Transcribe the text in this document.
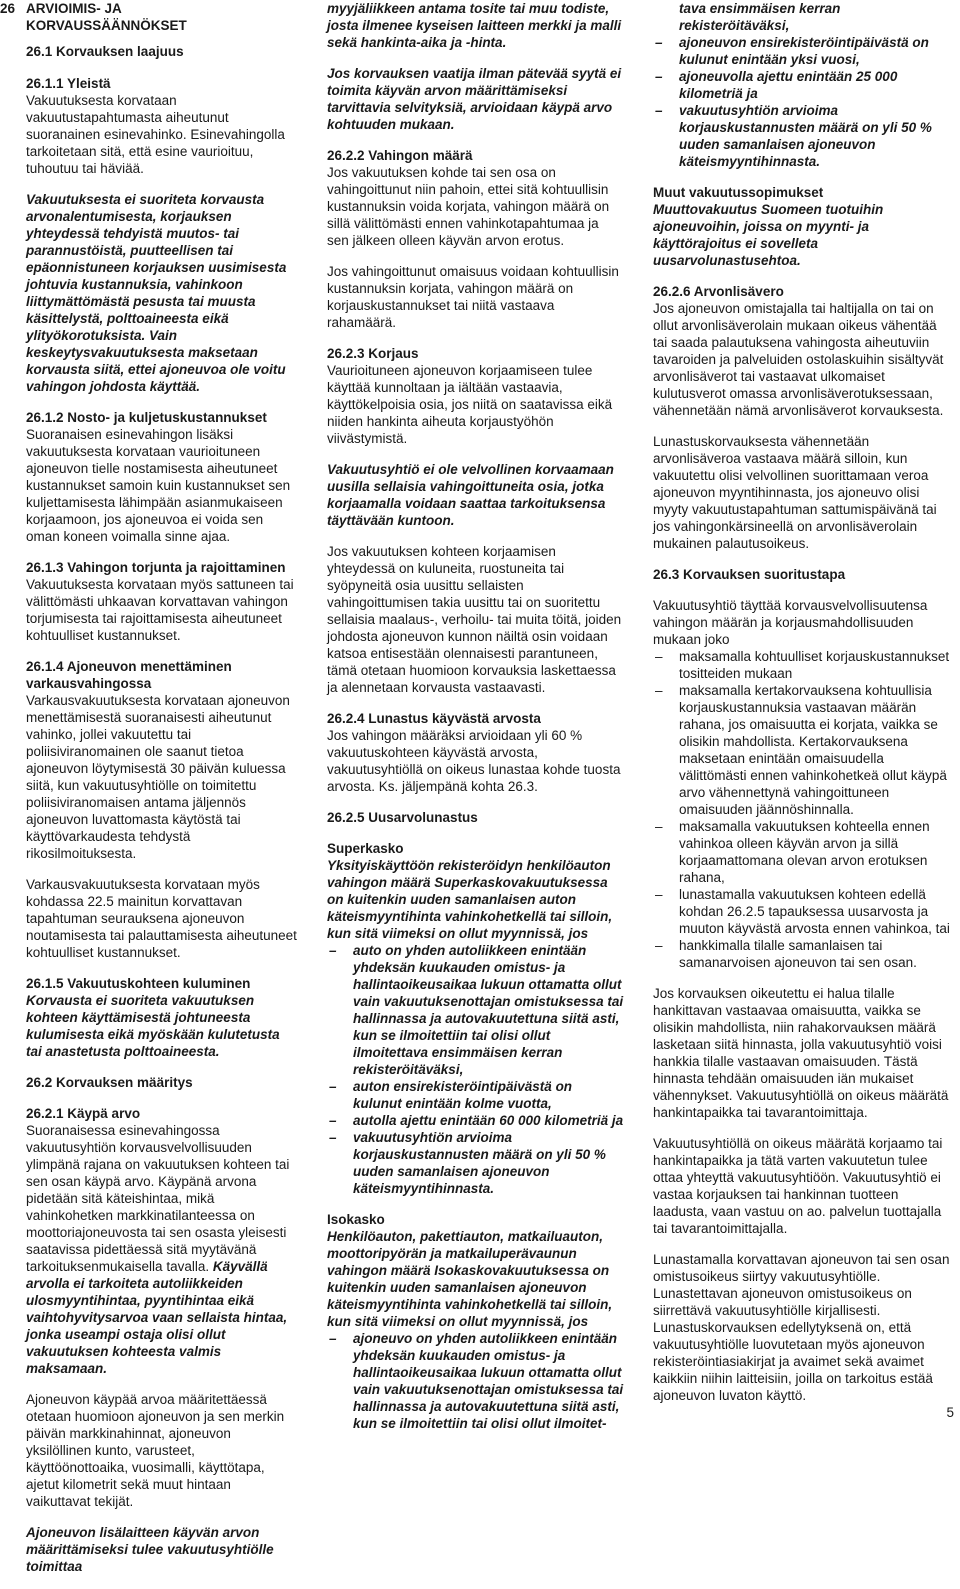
26 ARVIOIMIS- JA
KORVAUSSÄÄNNÖKSET
26.1 Korvauksen laajuus
26.1.1 Yleistä

Vakuutuksesta korvataan vakuutustapahtumasta aiheutunut suoranainen esinevahinko. Esinevahingolla tarkoitetaan sitä, että esine vaurioituu, tuhoutuu tai häviää.

Vakuutuksesta ei suoriteta korvausta arvonalentumisesta, korjauksen yhteydessä tehdyistä muutos- tai parannustöistä, puutteellisen tai epäonnistuneen korjauksen uusimisesta johtuvia kustannuksia, vahinkoon liittymättömästä pesusta tai muusta käsittelystä, polttoaineesta eikä ylityökorotuksista. Vain keskeytysvakuutuksesta maksetaan korvausta siitä, ettei ajoneuvoa ole voitu vahingon johdosta käyttää.

26.1.2 Nosto- ja kuljetuskustannukset

Suoranaisen esinevahingon lisäksi vakuutuksesta korvataan vaurioituneen ajoneuvon tielle nostamisesta aiheutuneet kustannukset samoin kuin kustannukset sen kuljettamisesta lähimpään asianmukaiseen korjaamoon, jos ajoneuvoa ei voida sen oman koneen voimalla sinne ajaa.

26.1.3 Vahingon torjunta ja rajoittaminen

Vakuutuksesta korvataan myös sattuneen tai välittömästi uhkaavan korvattavan vahingon torjumisesta tai rajoittamisesta aiheutuneet kohtuulliset kustannukset.

26.1.4 Ajoneuvon menettäminen varkausvahingossa

Varkausvakuutuksesta korvataan ajoneuvon menettämisestä suoranaisesti aiheutunut vahinko, jollei vakuutettu tai poliisiviranomainen ole saanut tietoa ajoneuvon löytymisestä 30 päivän kuluessa siitä, kun vakuutusyhtiölle on toimitettu poliisiviranomaisen antama jäljennös ajoneuvon luvattomasta käytöstä tai käyttövarkaudesta tehdystä rikosilmoituksesta.

Varkausvakuutuksesta korvataan myös kohdassa 22.5 mainitun korvattavan tapahtuman seurauksena ajoneuvon noutamisesta tai palauttamisesta aiheutuneet kohtuulliset kustannukset.

26.1.5 Vakuutuskohteen kuluminen

Korvausta ei suoriteta vakuutuksen kohteen käyttämisestä johtuneesta kulumisesta eikä myöskään kulutetusta tai anastetusta polttoaineesta.

26.2 Korvauksen määritys
26.2.1 Käypä arvo

Suoranaisessa esinevahingossa vakuutusyhtiön korvausvelvollisuuden ylimpänä rajana on vakuutuksen kohteen tai sen osan käypä arvo. Käypänä arvona pidetään sitä käteishintaa, mikä vahinkohetken markkinatilanteessa on moottoriajoneuvosta tai sen osasta yleisesti saatavissa pidettäessä sitä myytävänä tarkoituksenmukaisella tavalla. Käyvällä arvolla ei tarkoiteta autoliikkeiden ulosmyyntihintaa, pyyntihintaa eikä vaihtohyvitysarvoa vaan sellaista hintaa, jonka useampi ostaja olisi ollut vakuutuksen kohteesta valmis maksamaan.

Ajoneuvon käypää arvoa määritettäessä otetaan huomioon ajoneuvon ja sen merkin päivän markkinahinnat, ajoneuvon yksilöllinen kunto, varusteet, käyttöönottoaika, vuosimalli, käyttötapa, ajetut kilometrit sekä muut hintaan vaikuttavat tekijät.

Ajoneuvon lisälaitteen käyvän arvon määrittämiseksi tulee vakuutusyhtiölle toimittaa

myyjäliikkeen antama tosite tai muu todiste, josta ilmenee kyseisen laitteen merkki ja malli sekä hankinta-aika ja -hinta.

Jos korvauksen vaatija ilman pätevää syytä ei toimita käyvän arvon määrittämiseksi tarvittavia selvityksiä, arvioidaan käypä arvo kohtuuden mukaan.

26.2.2 Vahingon määrä

Jos vakuutuksen kohde tai sen osa on vahingoittunut niin pahoin, ettei sitä kohtuullisin kustannuksin voida korjata, vahingon määrä on sillä välittömästi ennen vahinkotapahtumaa ja sen jälkeen olleen käyvän arvon erotus.

Jos vahingoittunut omaisuus voidaan kohtuullisin kustannuksin korjata, vahingon määrä on korjauskustannukset tai niitä vastaava rahamäärä.

26.2.3 Korjaus

Vaurioituneen ajoneuvon korjaamiseen tulee käyttää kunnoltaan ja iältään vastaavia, käyttökelpoisia osia, jos niitä on saatavissa eikä niiden hankinta aiheuta korjaustyöhön viivästymistä.

Vakuutusyhtiö ei ole velvollinen korvaamaan uusilla sellaisia vahingoittuneita osia, jotka korjaamalla voidaan saattaa tarkoituksensa täyttävään kuntoon.

Jos vakuutuksen kohteen korjaamisen yhteydessä on kuluneita, ruostuneita tai syöpyneitä osia uusittu sellaisten vahingoittumisen takia uusittu tai on suoritettu sellaisia maalaus-, verhoilu- tai muita töitä, joiden johdosta ajoneuvon kunnon näiltä osin voidaan katsoa entisestään olennaisesti parantuneen, tämä otetaan huomioon korvauksia laskettaessa ja alennetaan korvausta vastaavasti.

26.2.4 Lunastus käyvästä arvosta

Jos vahingon määräksi arvioidaan yli 60 % vakuutuskohteen käyvästä arvosta, vakuutusyhtiöllä on oikeus lunastaa kohde tuosta arvosta. Ks. jäljempänä kohta 26.3.

26.2.5 Uusarvolunastus
Superkasko

Yksityiskäyttöön rekisteröidyn henkilöauton vahingon määrä Superkaskovakuutuksessa on kuitenkin uuden samanlaisen auton käteismyyntihinta vahinkohetkellä tai silloin, kun sitä viimeksi on ollut myynnissä, jos

– auto on yhden autoliikkeen enintään yhdeksän kuukauden omistus- ja hallintaoikeusaikaa lukuun ottamatta ollut vain vakuutuksenottajan omistuksessa tai hallinnassa ja autovakuutettuna siitä asti, kun se ilmoitettiin tai olisi ollut ilmoitettava ensimmäisen kerran rekisteröitäväksi,
– auton ensirekisteröintipäivästä on kulunut enintään kolme vuotta,
– autolla ajettu enintään 60 000 kilometriä ja
– vakuutusyhtiön arvioima korjauskustannusten määrä on yli 50 % uuden samanlaisen ajoneuvon käteismyyntihinnasta.
Isokasko

Henkilöauton, pakettiauton, matkailuauton, moottoripyörän ja matkailuperävaunun vahingon määrä Isokaskovakuutuksessa on kuitenkin uuden samanlaisen ajoneuvon käteismyyntihinta vahinkohetkellä tai silloin, kun sitä viimeksi on ollut myynnissä, jos

– ajoneuvo on yhden autoliikkeen enintään yhdeksän kuukauden omistus- ja hallintaoikeusaikaa lukuun ottamatta ollut vain vakuutuksenottajan omistuksessa tai hallinnassa ja autovakuutettuna siitä asti, kun se ilmoitettiin tai olisi ollut ilmoitet-
tava ensimmäisen kerran rekisteröitäväksi,
– ajoneuvon ensirekisteröintipäivästä on kulunut enintään yksi vuosi,
– ajoneuvolla ajettu enintään 25 000 kilometriä ja
– vakuutusyhtiön arvioima korjauskustannusten määrä on yli 50 % uuden samanlaisen ajoneuvon käteismyyntihinnasta.
Muut vakuutussopimukset

Muuttovakuutus Suomeen tuotuihin ajoneuvoihin, joissa on myynti- ja käyttörajoitus ei sovelleta uusarvolunastusehtoa.

26.2.6 Arvonlisävero

Jos ajoneuvon omistajalla tai haltijalla on tai on ollut arvonlisäverolain mukaan oikeus vähentää tai saada palautuksena vahingosta aiheutuviin tavaroiden ja palveluiden ostolaskuihin sisältyvät arvonlisäverot tai vastaavat ulkomaiset kulutusverot omassa arvonlisäverotuksessaan, vähennetään nämä arvonlisäverot korvauksesta.

Lunastuskorvauksesta vähennetään arvonlisäveroa vastaava määrä silloin, kun vakuutettu olisi velvollinen suorittamaan veroa ajoneuvon myyntihinnasta, jos ajoneuvo olisi myyty vakuutustapahtuman sattumispäivänä tai jos vahingonkärsineellä on arvonlisäverolain mukainen palautusoikeus.

26.3 Korvauksen suoritustapa

Vakuutusyhtiö täyttää korvausvelvollisuutensa vahingon määrän ja korjausmahdollisuuden mukaan joko

– maksamalla kohtuulliset korjauskustannukset tositteiden mukaan
– maksamalla kertakorvauksena kohtuullisia korjauskustannuksia vastaavan määrän rahana, jos omaisuutta ei korjata, vaikka se olisikin mahdollista. Kertakorvauksena maksetaan enintään omaisuudella välittömästi ennen vahinkohetkeä ollut käypä arvo vähennettynä vahingoittuneen omaisuuden jäännöshinnalla.
– maksamalla vakuutuksen kohteella ennen vahinkoa olleen käyvän arvon ja sillä korjaamattomana olevan arvon erotuksen rahana,
– lunastamalla vakuutuksen kohteen edellä kohdan 26.2.5 tapauksessa uusarvosta ja muuton käyvästä arvosta ennen vahinkoa, tai
– hankkimalla tilalle samanlaisen tai samanarvoisen ajoneuvon tai sen osan.

Jos korvauksen oikeutettu ei halua tilalle hankittavan vastaavaa omaisuutta, vaikka se olisikin mahdollista, niin rahakorvauksen määrä lasketaan siitä hinnasta, jolla vakuutusyhtiö voisi hankkia tilalle vastaavan omaisuuden. Tästä hinnasta tehdään omaisuuden iän mukaiset vähennykset. Vakuutusyhtiöllä on oikeus määrätä hankintapaikka tai tavarantoimittaja.

Vakuutusyhtiöllä on oikeus määrätä korjaamo tai hankintapaikka ja tätä varten vakuutetun tulee ottaa yhteyttä vakuutusyhtiöön. Vakuutusyhtiö ei vastaa korjauksen tai hankinnan tuotteen laadusta, vaan vastuu on ao. palvelun tuottajalla tai tavarantoimittajalla.

Lunastamalla korvattavan ajoneuvon tai sen osan omistusoikeus siirtyy vakuutusyhtiölle. Lunastettavan ajoneuvon omistusoikeus on siirrettävä vakuutusyhtiölle kirjallisesti. Lunastuskorvauksen edellytyksenä on, että vakuutusyhtiölle luovutetaan myös ajoneuvon rekisteröintiasiakirjat ja avaimet sekä avaimet kaikkiin niihin laitteisiin, joilla on tarkoitus estää ajoneuvon luvaton käyttö.

5
